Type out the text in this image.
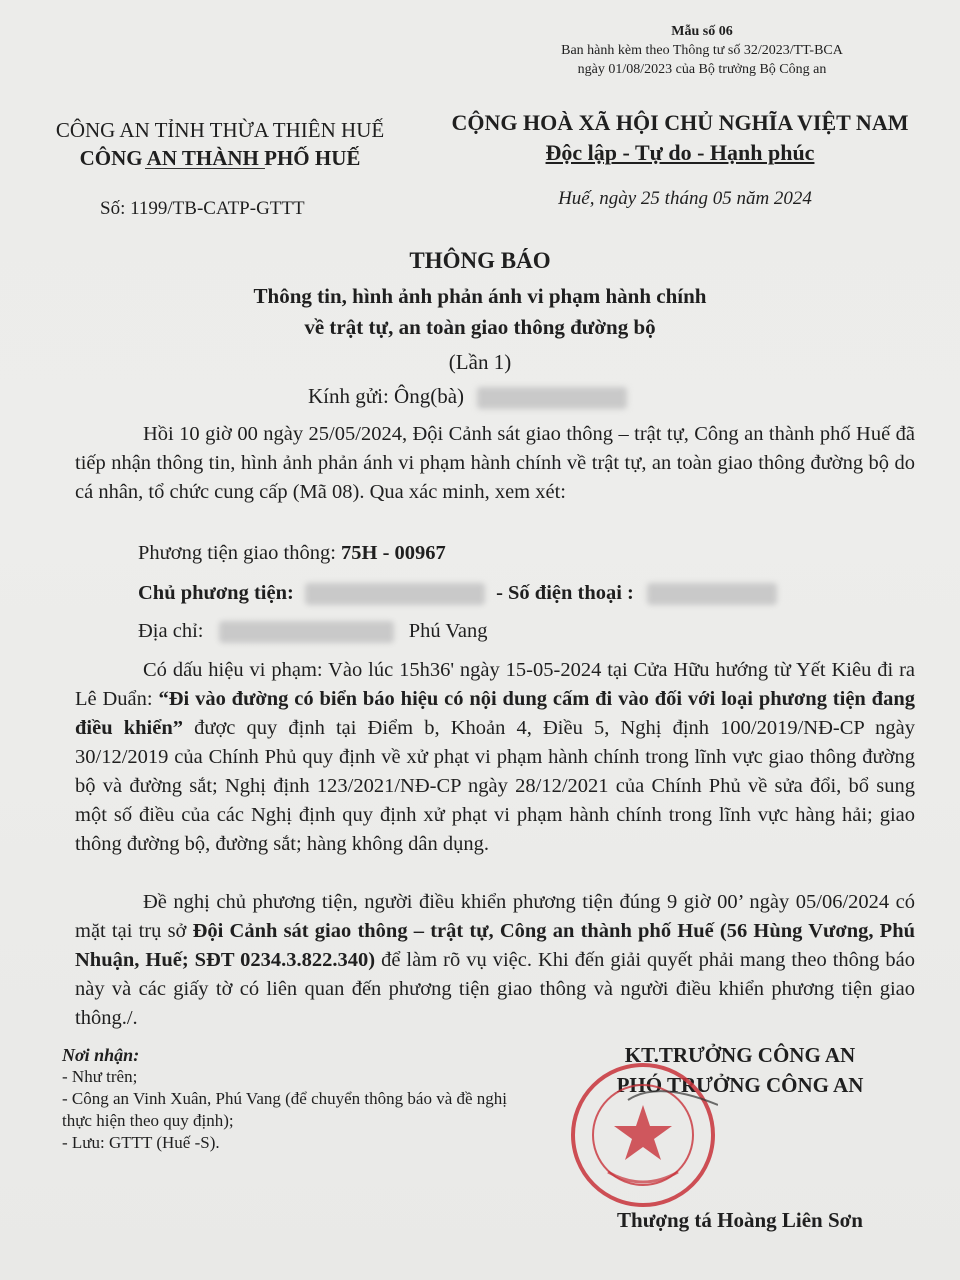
Mẫu số 06
Ban hành kèm theo Thông tư số 32/2023/TT-BCA
ngày 01/08/2023 của Bộ trưởng Bộ Công an
CÔNG AN TỈNH THỪA THIÊN HUẾ
CÔNG AN THÀNH PHỐ HUẾ
CỘNG HOÀ XÃ HỘI CHỦ NGHĨA VIỆT NAM
Độc lập - Tự do - Hạnh phúc
Số: 1199/TB-CATP-GTTT	Huế, ngày 25 tháng 05 năm 2024
THÔNG BÁO
Thông tin, hình ảnh phản ánh vi phạm hành chính
về trật tự, an toàn giao thông đường bộ
(Lần 1)
Kính gửi: Ông(bà)
Hồi 10 giờ 00 ngày 25/05/2024, Đội Cảnh sát giao thông – trật tự, Công an thành phố Huế đã tiếp nhận thông tin, hình ảnh phản ánh vi phạm hành chính về trật tự, an toàn giao thông đường bộ do cá nhân, tổ chức cung cấp (Mã 08). Qua xác minh, xem xét:
Phương tiện giao thông: 75H - 00967
Chủ phương tiện:	- Số điện thoại :
Địa chỉ:	Phú Vang
Có dấu hiệu vi phạm: Vào lúc 15h36' ngày 15-05-2024 tại Cửa Hữu hướng từ Yết Kiêu đi ra Lê Duẩn: “Đi vào đường có biển báo hiệu có nội dung cấm đi vào đối với loại phương tiện đang điều khiển” được quy định tại Điểm b, Khoản 4, Điều 5, Nghị định 100/2019/NĐ-CP ngày 30/12/2019 của Chính Phủ quy định về xử phạt vi phạm hành chính trong lĩnh vực giao thông đường bộ và đường sắt; Nghị định 123/2021/NĐ-CP ngày 28/12/2021 của Chính Phủ về sửa đổi, bổ sung một số điều của các Nghị định quy định xử phạt vi phạm hành chính trong lĩnh vực hàng hải; giao thông đường bộ, đường sắt; hàng không dân dụng.
Đề nghị chủ phương tiện, người điều khiển phương tiện đúng 9 giờ 00’ ngày 05/06/2024 có mặt tại trụ sở Đội Cảnh sát giao thông – trật tự, Công an thành phố Huế (56 Hùng Vương, Phú Nhuận, Huế; SĐT 0234.3.822.340) để làm rõ vụ việc. Khi đến giải quyết phải mang theo thông báo này và các giấy tờ có liên quan đến phương tiện giao thông và người điều khiển phương tiện giao thông./.
Nơi nhận:
- Như trên;
- Công an Vinh Xuân, Phú Vang (để chuyển thông báo và đề nghị thực hiện theo quy định);
- Lưu: GTTT (Huế -S).
KT.TRƯỞNG CÔNG AN
PHÓ TRƯỞNG CÔNG AN
Thượng tá Hoàng Liên Sơn
